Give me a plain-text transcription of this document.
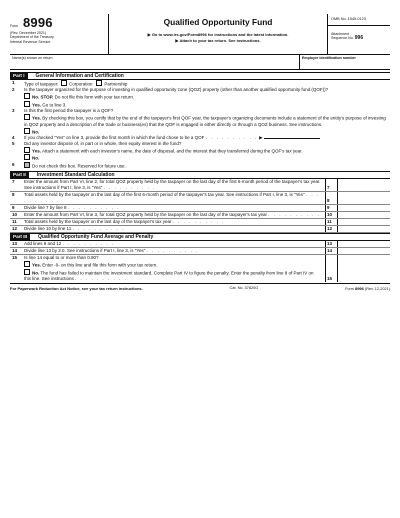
Form 8996
(Rev. December 2021)
Department of the Treasury
Internal Revenue Service
Qualified Opportunity Fund
▶ Go to www.irs.gov/Form8996 for instructions and the latest information.
▶ Attach to your tax return. See instructions.
OMB No. 1545-0123
Attachment
Sequence No. 996
Name(s) shown on return	Employer identification number
Part I	General Information and Certification
1	Type of taxpayer: Corporation	Partnership
2	Is the taxpayer organized for the purpose of investing in qualified opportunity zone (QOZ) property (other than another qualified opportunity fund (QOF))?
No. STOP. Do not file this form with your tax return.
Yes. Go to line 3.
3	Is this the first period the taxpayer is a QOF?
Yes. By checking this box, you certify that by the end of the taxpayer's first QOF year, the taxpayer's organizing documents include a statement of the entity's purpose of investing in QOZ property and a description of the trade or business(es) that the QOF is engaged in either directly or through a QOZ business. See instructions.
No.
4	If you checked "Yes" on line 3, provide the first month in which the fund chose to be a QOF . . . . . . . . . . ▶
5	Did any investor dispose of, in part or in whole, their equity interest in the fund?
Yes. Attach a statement with each investor's name, the date of disposal, and the interest that they transferred during the QOF's tax year.
No.
6	Do not check this box. Reserved for future use.
Part II	Investment Standard Calculation
7	Enter the amount from Part VI, line 2, for total QOZ property held by the taxpayer on the last day of the first 6-month period of the taxpayer's tax year. See instructions if Part I, line 3, is "Yes" . . . . . . . . . .	7
8	Total assets held by the taxpayer on the last day of the first 6-month period of the taxpayer's tax year. See instructions if Part I, line 3, is "Yes" . . . . . . . . . .	8
9	Divide line 7 by line 8 . . . . . . . . . .	9
10	Enter the amount from Part VI, line 3, for total QOZ property held by the taxpayer on the last day of the taxpayer's tax year . . . . . . . . . .	10
11	Total assets held by the taxpayer on the last day of the taxpayer's tax year . . . . . . . . . .	11
12	Divide line 10 by line 11 . . . . . . . . . .	12
Part III	Qualified Opportunity Fund Average and Penalty
13	Add lines 9 and 12 . . . . . . . . . .	13
14	Divide line 13 by 2.0. See instructions if Part I, line 3, is "Yes" . . . . . . . . . .	14
15	Is line 14 equal to or more than 0.90?
Yes. Enter -0- on this line and file this form with your tax return.
No. The fund has failed to maintain the investment standard. Complete Part IV to figure the penalty. Enter the penalty from line 8 of Part IV on this line. See instructions . . . . . . . . . .	15
For Paperwork Reduction Act Notice, see your tax return instructions.	Cat. No. 37820G	Form 8996 (Rev. 12-2021)
